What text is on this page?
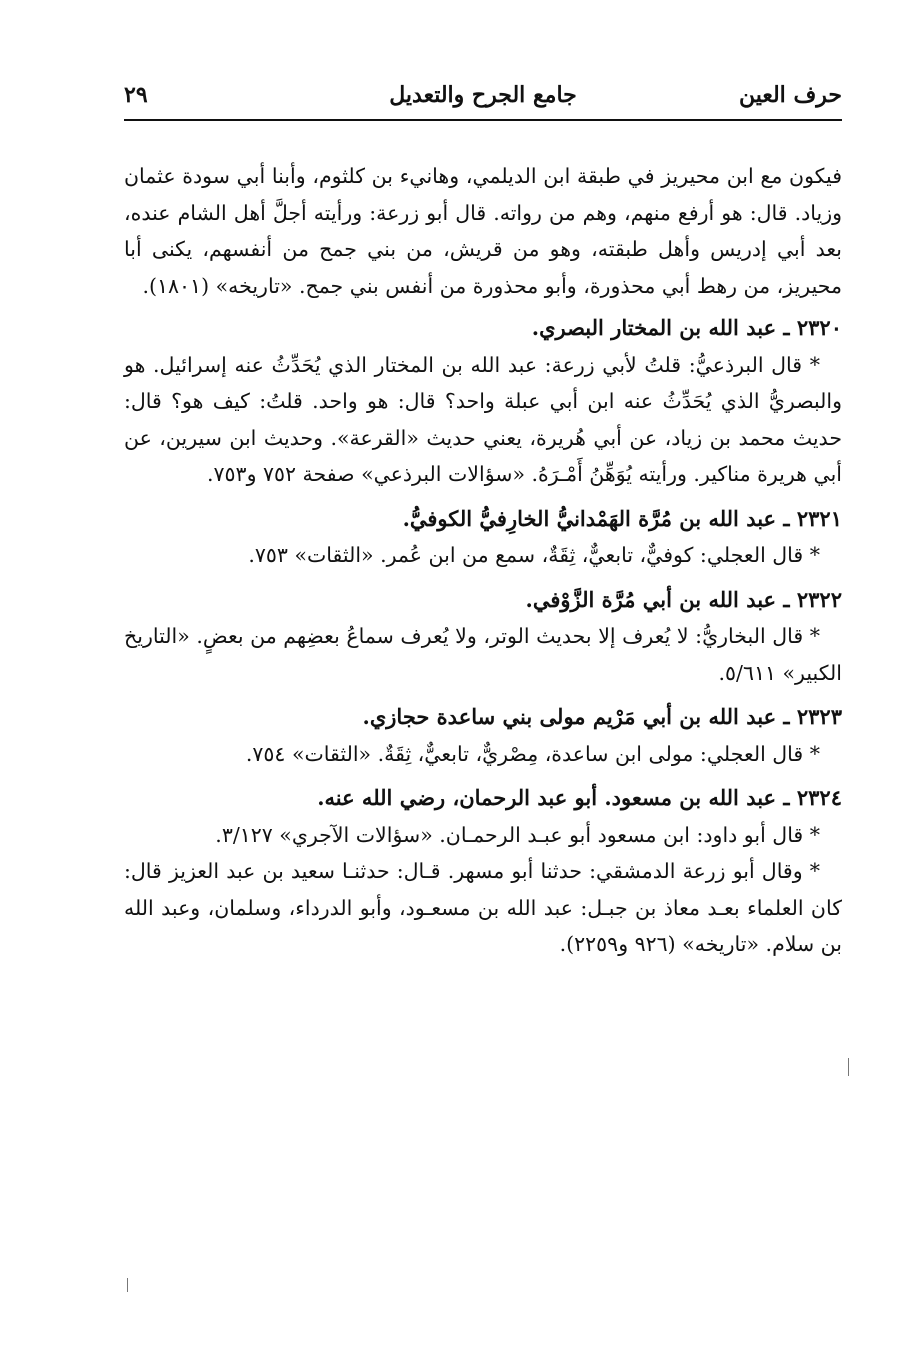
حرف العين
جامع الجرح والتعديل
٢٩

فيكون مع ابن محيريز في طبقة ابن الديلمي، وهانيء بن كلثوم، وأبنا أبي سودة عثمان وزياد. قال: هو أرفع منهم، وهم من رواته. قال أبو زرعة: ورأيته أجلَّ أهل الشام عنده، بعد أبي إدريس وأهل طبقته، وهو من قريش، من بني جمح من أنفسهم، يكنى أبا محيريز، من رهط أبي محذورة، وأبو محذورة من أنفس بني جمح. «تاريخه» (١٨٠١).

٢٣٢٠ ـ عبد الله بن المختار البصري.

* قال البرذعيُّ: قلتُ لأبي زرعة: عبد الله بن المختار الذي يُحَدِّثُ عنه إسرائيل. هو والبصريُّ الذي يُحَدِّثُ عنه ابن أبي عبلة واحد؟ قال: هو واحد. قلتُ: كيف هو؟ قال: حديث محمد بن زياد، عن أبي هُريرة، يعني حديث «القرعة». وحديث ابن سيرين، عن أبي هريرة مناكير. ورأيته يُوَهِّنُ أَمْـرَهُ. «سؤالات البرذعي» صفحة ٧٥٢ و٧٥٣.

٢٣٢١ ـ عبد الله بن مُرَّة الهَمْدانيُّ الخارِفيُّ الكوفيُّ.

* قال العجلي: كوفيٌّ، تابعيٌّ، ثِقَةٌ، سمع من ابن عُمر. «الثقات» ٧٥٣.

٢٣٢٢ ـ عبد الله بن أبي مُرَّة الزَّوْفي.

* قال البخاريُّ: لا يُعرف إلا بحديث الوتر، ولا يُعرف سماعُ بعضِهم من بعضٍ. «التاريخ الكبير» ٥/٦١١.

٢٣٢٣ ـ عبد الله بن أبي مَرْيم مولى بني ساعدة حجازي.

* قال العجلي: مولى ابن ساعدة، مِصْريٌّ، تابعيٌّ، ثِقَةٌ. «الثقات» ٧٥٤.

٢٣٢٤ ـ عبد الله بن مسعود. أبو عبد الرحمان، رضي الله عنه.

* قال أبو داود: ابن مسعود أبو عبـد الرحمـان. «سؤالات الآجري» ٣/١٢٧.

* وقال أبو زرعة الدمشقي: حدثنا أبو مسهر. قـال: حدثنـا سعيد بن عبد العزيز قال: كان العلماء بعـد معاذ بن جبـل: عبد الله بن مسعـود، وأبو الدرداء، وسلمان، وعبد الله بن سلام. «تاريخه» (٩٢٦ و٢٢٥٩).
